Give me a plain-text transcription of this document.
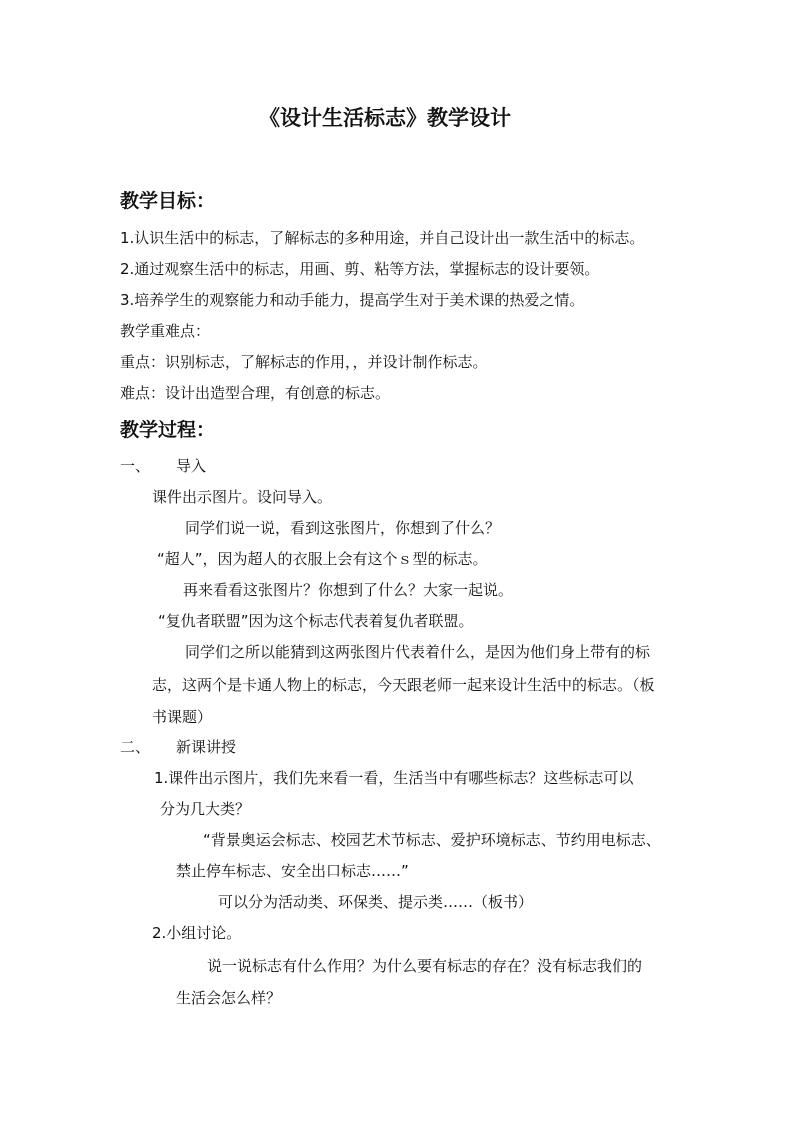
《设计生活标志》教学设计
教学目标：
1.认识生活中的标志，了解标志的多种用途，并自己设计出一款生活中的标志。
2.通过观察生活中的标志，用画、剪、粘等方法，掌握标志的设计要领。
3.培养学生的观察能力和动手能力，提高学生对于美术课的热爱之情。
教学重难点：
重点：识别标志，了解标志的作用，，并设计制作标志。
难点：设计出造型合理，有创意的标志。
教学过程：
一、 导入
课件出示图片。设问导入。
同学们说一说，看到这张图片，你想到了什么？
“超人”，因为超人的衣服上会有这个ｓ型的标志。
再来看看这张图片？你想到了什么？大家一起说。
“复仇者联盟”因为这个标志代表着复仇者联盟。
同学们之所以能猜到这两张图片代表着什么，是因为他们身上带有的标
志，这两个是卡通人物上的标志，今天跟老师一起来设计生活中的标志。（板
书课题）
二、 新课讲授
1.课件出示图片，我们先来看一看，生活当中有哪些标志？这些标志可以
分为几大类？
“背景奥运会标志、校园艺术节标志、爱护环境标志、节约用电标志、
禁止停车标志、安全出口标志……”
可以分为活动类、环保类、提示类……（板书）
2.小组讨论。
说一说标志有什么作用？为什么要有标志的存在？没有标志我们的
生活会怎么样？
